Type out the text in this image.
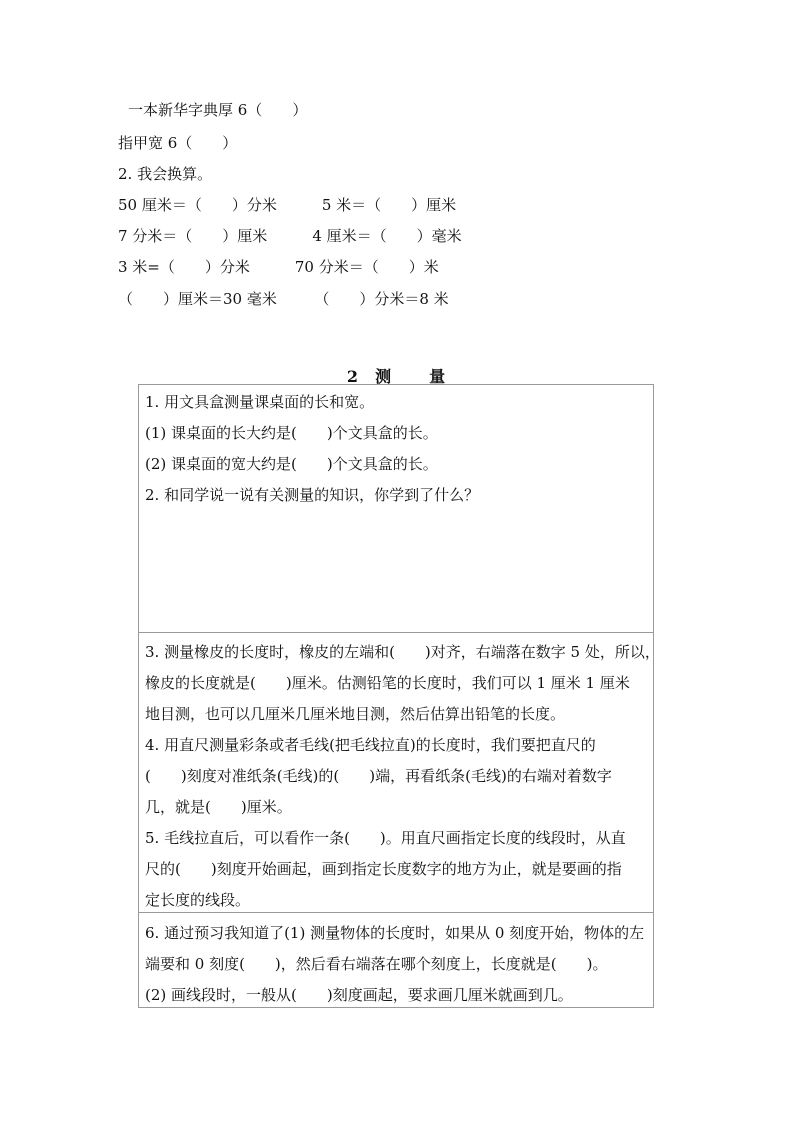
一本新华字典厚 6（　　）
指甲宽 6（　　）
2. 我会换算。
50 厘米＝（　　）分米　　　5 米＝（　　）厘米
7 分米＝（　　）厘米　　　4 厘米＝（　　）毫米
3 米=（　　）分米　　　70 分米＝（　　）米
（　　）厘米＝30 毫米　　　（　　）分米＝8 米
2  测　　量
1. 用文具盒测量课桌面的长和宽。
(1) 课桌面的长大约是(　　)个文具盒的长。
(2) 课桌面的宽大约是(　　)个文具盒的长。
2. 和同学说一说有关测量的知识，你学到了什么？
3. 测量橡皮的长度时，橡皮的左端和(　　)对齐，右端落在数字 5 处，所以，
橡皮的长度就是(　　)厘米。估测铅笔的长度时，我们可以 1 厘米 1 厘米
地目测，也可以几厘米几厘米地目测，然后估算出铅笔的长度。
4. 用直尺测量彩条或者毛线(把毛线拉直)的长度时，我们要把直尺的
(　　)刻度对准纸条(毛线)的(　　)端，再看纸条(毛线)的右端对着数字
几，就是(　　)厘米。
5. 毛线拉直后，可以看作一条(　　)。用直尺画指定长度的线段时，从直
尺的(　　)刻度开始画起，画到指定长度数字的地方为止，就是要画的指
定长度的线段。
6. 通过预习我知道了(1) 测量物体的长度时，如果从 0 刻度开始，物体的左
端要和 0 刻度(　　)，然后看右端落在哪个刻度上，长度就是(　　)。
(2) 画线段时，一般从(　　)刻度画起，要求画几厘米就画到几。
